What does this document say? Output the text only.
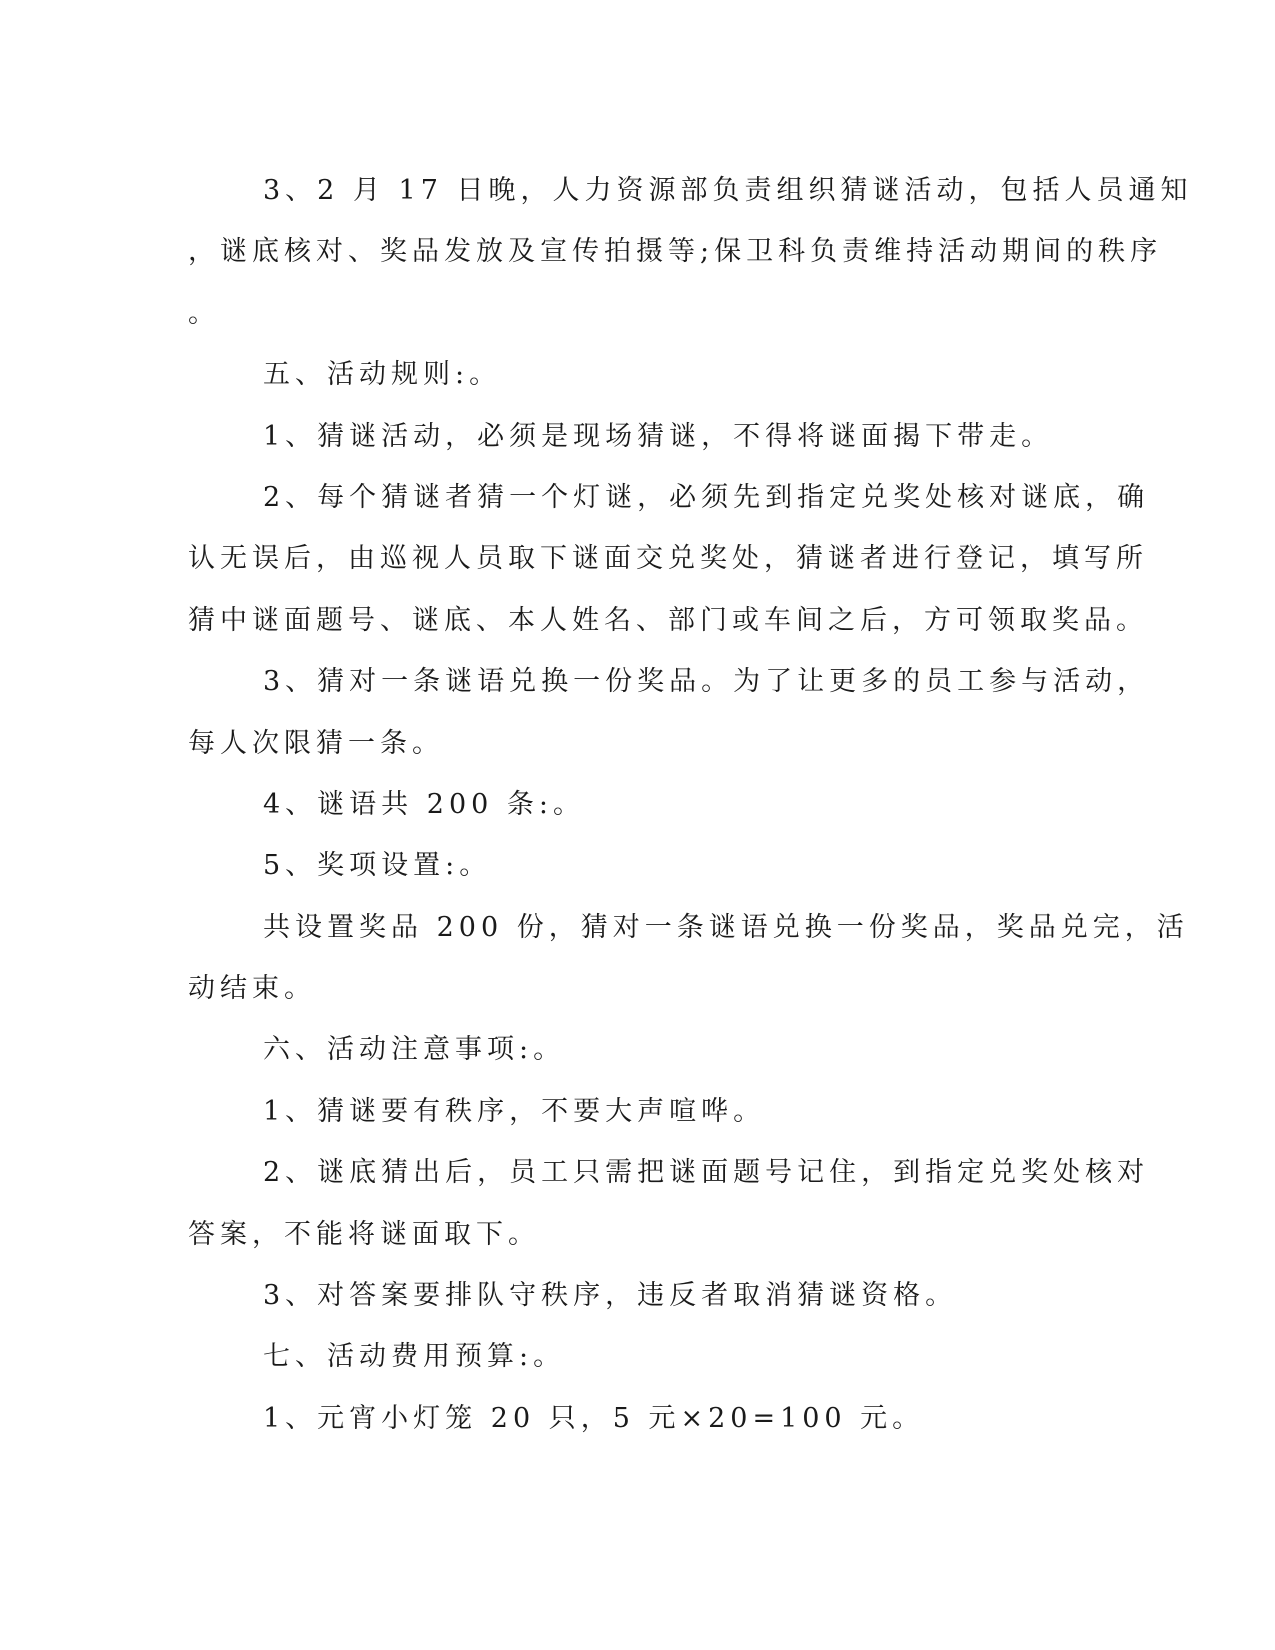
3、2 月 17 日晚，人力资源部负责组织猜谜活动，包括人员通知
，谜底核对、奖品发放及宣传拍摄等;保卫科负责维持活动期间的秩序
。
五、活动规则:。
1、猜谜活动，必须是现场猜谜，不得将谜面揭下带走。
2、每个猜谜者猜一个灯谜，必须先到指定兑奖处核对谜底，确
认无误后，由巡视人员取下谜面交兑奖处，猜谜者进行登记，填写所
猜中谜面题号、谜底、本人姓名、部门或车间之后，方可领取奖品。
3、猜对一条谜语兑换一份奖品。为了让更多的员工参与活动，
每人次限猜一条。
4、谜语共 200 条:。
5、奖项设置:。
共设置奖品 200 份，猜对一条谜语兑换一份奖品，奖品兑完，活
动结束。
六、活动注意事项:。
1、猜谜要有秩序，不要大声喧哗。
2、谜底猜出后，员工只需把谜面题号记住，到指定兑奖处核对
答案，不能将谜面取下。
3、对答案要排队守秩序，违反者取消猜谜资格。
七、活动费用预算:。
1、元宵小灯笼 20 只，5 元×20=100 元。
